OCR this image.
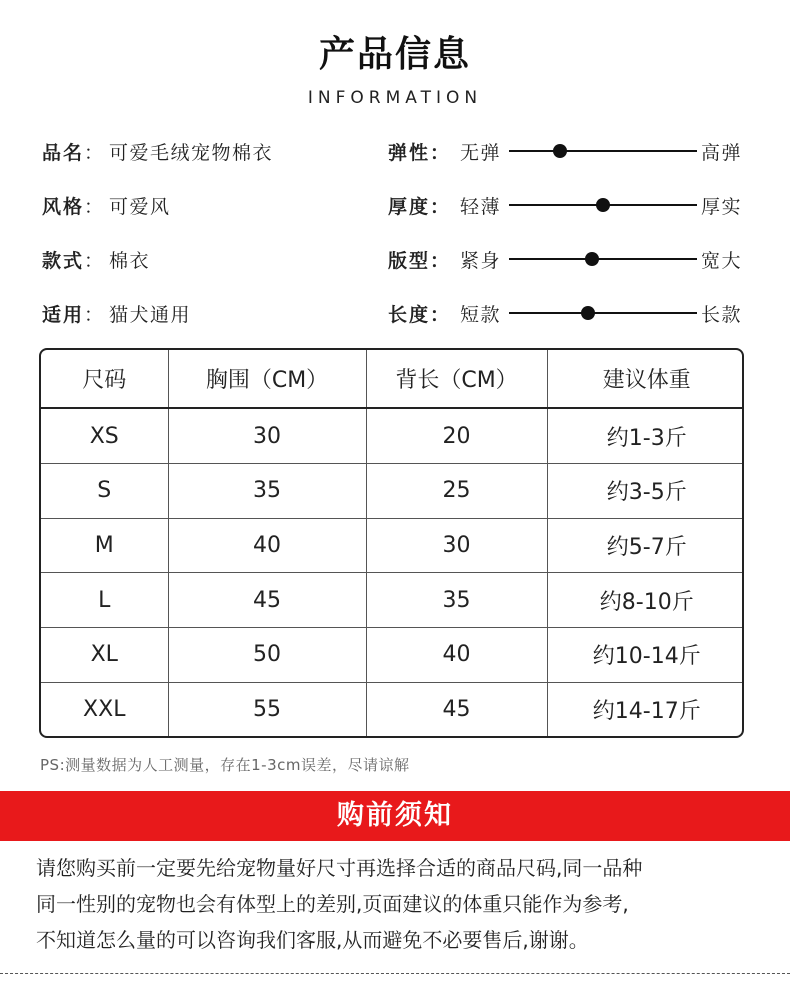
产品信息
INFORMATION
品名： 可爱毛绒宠物棉衣
风格： 可爱风
款式： 棉衣
适用： 猫犬通用
弹性： 无弹	高弹
厚度： 轻薄	厚实
版型： 紧身	宽大
长度： 短款	长款
尺码	胸围（CM）	背长（CM）	建议体重
XS	30	20	约1-3斤
S	35	25	约3-5斤
M	40	30	约5-7斤
L	45	35	约8-10斤
XL	50	40	约10-14斤
XXL	55	45	约14-17斤
PS:测量数据为人工测量，存在1-3cm误差，尽请谅解
购前须知

请您购买前一定要先给宠物量好尺寸再选择合适的商品尺码,同一品种

同一性别的宠物也会有体型上的差别,页面建议的体重只能作为参考,

不知道怎么量的可以咨询我们客服,从而避免不必要售后,谢谢。
